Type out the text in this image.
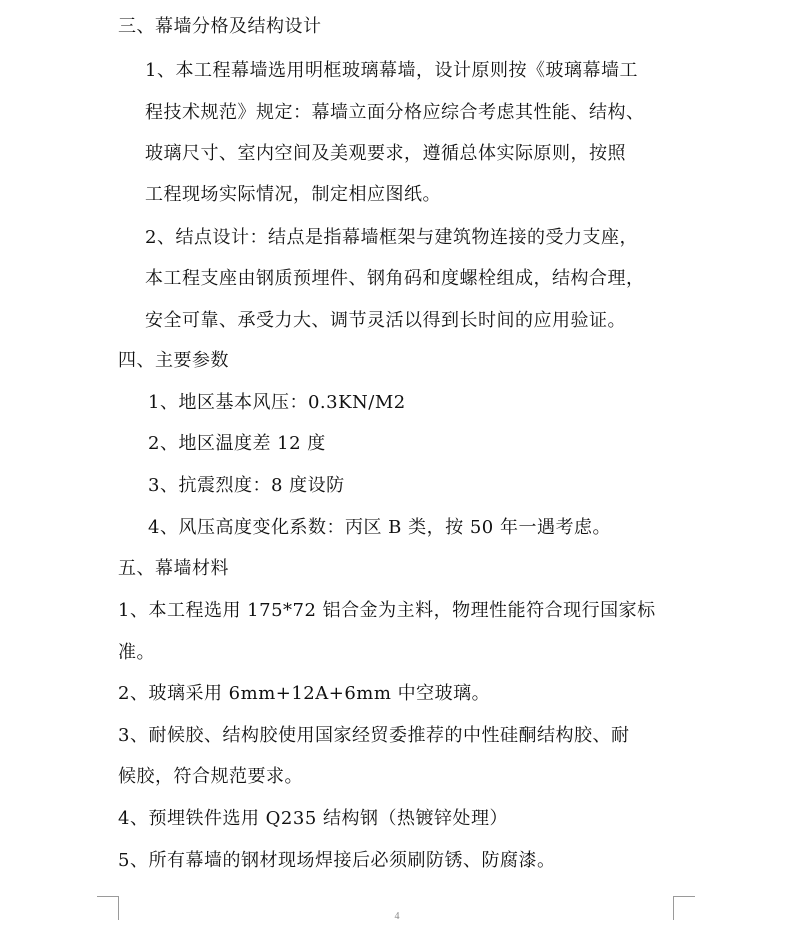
三、幕墙分格及结构设计
1、本工程幕墙选用明框玻璃幕墙，设计原则按《玻璃幕墙工
程技术规范》规定：幕墙立面分格应综合考虑其性能、结构、
玻璃尺寸、室内空间及美观要求，遵循总体实际原则，按照
工程现场实际情况，制定相应图纸。
2、结点设计：结点是指幕墙框架与建筑物连接的受力支座，
本工程支座由钢质预埋件、钢角码和度螺栓组成，结构合理，
安全可靠、承受力大、调节灵活以得到长时间的应用验证。
四、主要参数
1、地区基本风压：0.3KN/M2
2、地区温度差 12 度
3、抗震烈度：8 度设防
4、风压高度变化系数：丙区 B 类，按 50 年一遇考虑。
五、幕墙材料
1、本工程选用 175*72 铝合金为主料，物理性能符合现行国家标
准。
2、玻璃采用 6mm+12A+6mm 中空玻璃。
3、耐候胶、结构胶使用国家经贸委推荐的中性硅酮结构胶、耐
候胶，符合规范要求。
4、预埋铁件选用 Q235 结构钢（热镀锌处理）
5、所有幕墙的钢材现场焊接后必须刷防锈、防腐漆。
4
